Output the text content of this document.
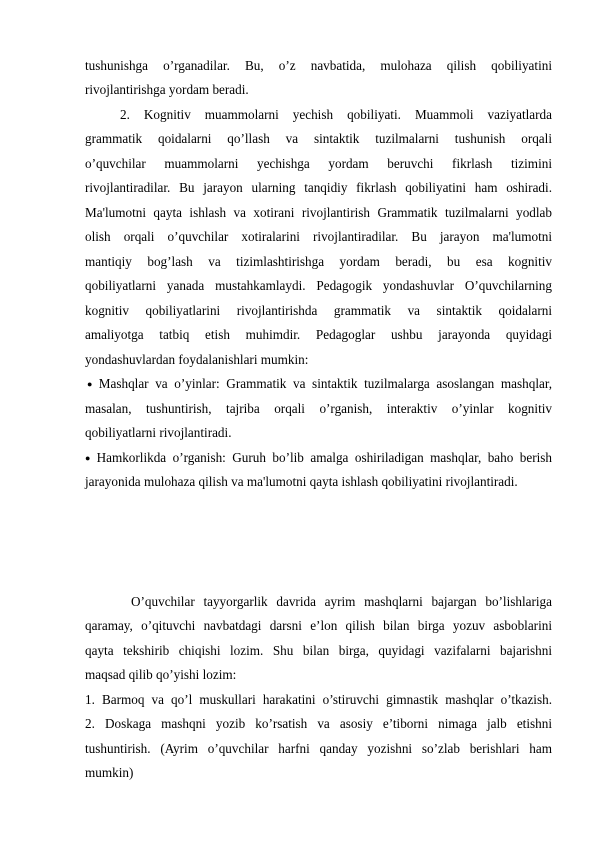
tushunishga o’rganadilar. Bu, o’z navbatida, mulohaza qilish qobiliyatini
rivojlantirishga yordam beradi.
2. Kognitiv muammolarni yechish qobiliyati. Muammoli vaziyatlarda
grammatik qoidalarni qo’llash va sintaktik tuzilmalarni tushunish orqali
o’quvchilar muammolarni yechishga yordam beruvchi fikrlash tizimini
rivojlantiradilar. Bu jarayon ularning tanqidiy fikrlash qobiliyatini ham oshiradi.
Ma'lumotni qayta ishlash va xotirani rivojlantirish Grammatik tuzilmalarni yodlab
olish orqali o’quvchilar xotiralarini rivojlantiradilar. Bu jarayon ma'lumotni
mantiqiy bog’lash va tizimlashtirishga yordam beradi, bu esa kognitiv
qobiliyatlarni yanada mustahkamlaydi. Pedagogik yondashuvlar O’quvchilarning
kognitiv qobiliyatlarini rivojlantirishda grammatik va sintaktik qoidalarni
amaliyotga tatbiq etish muhimdir. Pedagoglar ushbu jarayonda quyidagi
yondashuvlardan foydalanishlari mumkin:
● Mashqlar va o’yinlar: Grammatik va sintaktik tuzilmalarga asoslangan mashqlar,
masalan, tushuntirish, tajriba orqali o’rganish, interaktiv o’yinlar kognitiv
qobiliyatlarni rivojlantiradi.
● Hamkorlikda o’rganish: Guruh bo’lib amalga oshiriladigan mashqlar, baho berish
jarayonida mulohaza qilish va ma'lumotni qayta ishlash qobiliyatini rivojlantiradi.
O’quvchilar tayyorgarlik davrida ayrim mashqlarni bajargan bo’lishlariga
qaramay, o’qituvchi navbatdagi darsni e’lon qilish bilan birga yozuv asboblarini
qayta tekshirib chiqishi lozim. Shu bilan birga, quyidagi vazifalarni bajarishni
maqsad qilib qo’yishi lozim:
1. Barmoq va qo’l muskullari harakatini o’stiruvchi gimnastik mashqlar o’tkazish.
2. Doskaga mashqni yozib ko’rsatish va asosiy e’tiborni nimaga jalb etishni
tushuntirish. (Ayrim o’quvchilar harfni qanday yozishni so’zlab berishlari ham
mumkin)
